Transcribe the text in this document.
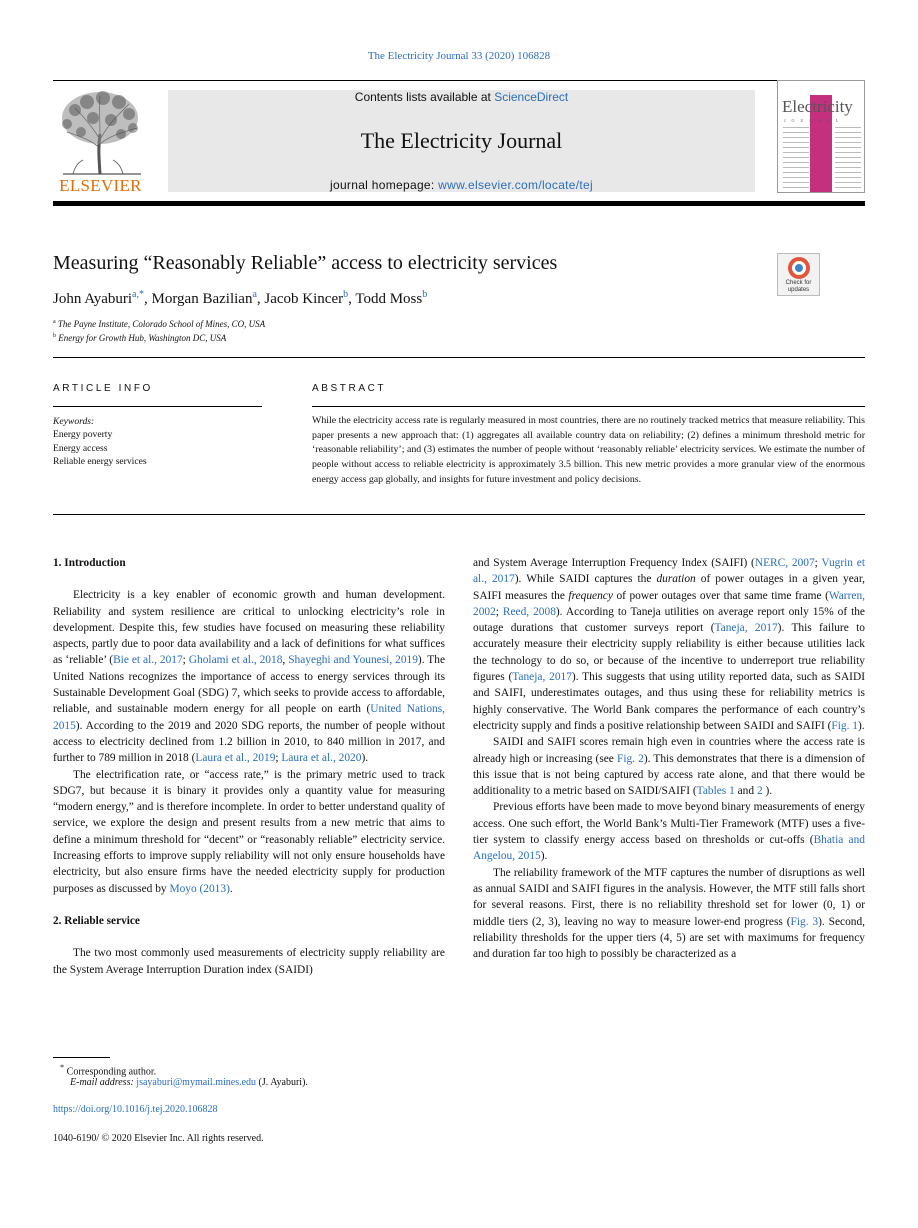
The Electricity Journal 33 (2020) 106828
ELSEVIER
Contents lists available at ScienceDirect
The Electricity Journal
journal homepage: www.elsevier.com/locate/tej
Electricity
JOURNAL
Measuring “Reasonably Reliable” access to electricity services
Check for
updates
John Ayaburi$^{a,*}$, Morgan Bazilian$^a$, Jacob Kincer$^b$, Todd Moss$^b$
$^a$ The Payne Institute, Colorado School of Mines, CO, USA
$^b$ Energy for Growth Hub, Washington DC, USA
ARTICLE INFO	ABSTRACT
Keywords:
Energy poverty
Energy access
Reliable energy services
While the electricity access rate is regularly measured in most countries, there are no routinely tracked metrics that measure reliability. This paper presents a new approach that: (1) aggregates all available country data on reliability; (2) defines a minimum threshold metric for ‘reasonable reliability’; and (3) estimates the number of people without ‘reasonably reliable’ electricity services. We estimate the number of people without access to reliable electricity is approximately 3.5 billion. This new metric provides a more granular view of the enormous energy access gap globally, and insights for future investment and policy decisions.

1. Introduction

Electricity is a key enabler of economic growth and human development. Reliability and system resilience are critical to unlocking electricity’s role in development. Despite this, few studies have focused on measuring these reliability aspects, partly due to poor data availability and a lack of definitions for what suffices as ‘reliable’ (Bie et al., 2017; Gholami et al., 2018, Shayeghi and Younesi, 2019). The United Nations recognizes the importance of access to energy services through its Sustainable Development Goal (SDG) 7, which seeks to provide access to affordable, reliable, and sustainable modern energy for all people on earth (United Nations, 2015). According to the 2019 and 2020 SDG reports, the number of people without access to electricity declined from 1.2 billion in 2010, to 840 million in 2017, and further to 789 million in 2018 (Laura et al., 2019; Laura et al., 2020).

The electrification rate, or “access rate,” is the primary metric used to track SDG7, but because it is binary it provides only a quantity value for measuring “modern energy,” and is therefore incomplete. In order to better understand quality of service, we explore the design and present results from a new metric that aims to define a minimum threshold for “decent” or “reasonably reliable” electricity service. Increasing efforts to improve supply reliability will not only ensure households have electricity, but also ensure firms have the needed electricity supply for production purposes as discussed by Moyo (2013).

2. Reliable service

The two most commonly used measurements of electricity supply reliability are the System Average Interruption Duration index (SAIDI)

and System Average Interruption Frequency Index (SAIFI) (NERC, 2007; Vugrin et al., 2017). While SAIDI captures the duration of power outages in a given year, SAIFI measures the frequency of power outages over that same time frame (Warren, 2002; Reed, 2008). According to Taneja utilities on average report only 15% of the outage durations that customer surveys report (Taneja, 2017). This failure to accurately measure their electricity supply reliability is either because utilities lack the technology to do so, or because of the incentive to underreport true reliability figures (Taneja, 2017). This suggests that using utility reported data, such as SAIDI and SAIFI, underestimates outages, and thus using these for reliability metrics is highly conservative. The World Bank compares the performance of each country’s electricity supply and finds a positive relationship between SAIDI and SAIFI (Fig. 1).

SAIDI and SAIFI scores remain high even in countries where the access rate is already high or increasing (see Fig. 2). This demonstrates that there is a dimension of this issue that is not being captured by access rate alone, and that there would be additionality to a metric based on SAIDI/SAIFI (Tables 1 and 2 ).

Previous efforts have been made to move beyond binary measurements of energy access. One such effort, the World Bank’s Multi-Tier Framework (MTF) uses a five-tier system to classify energy access based on thresholds or cut-offs (Bhatia and Angelou, 2015).

The reliability framework of the MTF captures the number of disruptions as well as annual SAIDI and SAIFI figures in the analysis. However, the MTF still falls short for several reasons. First, there is no reliability threshold set for lower (0, 1) or middle tiers (2, 3), leaving no way to measure lower-end progress (Fig. 3). Second, reliability thresholds for the upper tiers (4, 5) are set with maximums for frequency and duration far too high to possibly be characterized as a

* Corresponding author.
E-mail address: jsayaburi@mymail.mines.edu (J. Ayaburi).
https://doi.org/10.1016/j.tej.2020.106828
1040-6190/ © 2020 Elsevier Inc. All rights reserved.
